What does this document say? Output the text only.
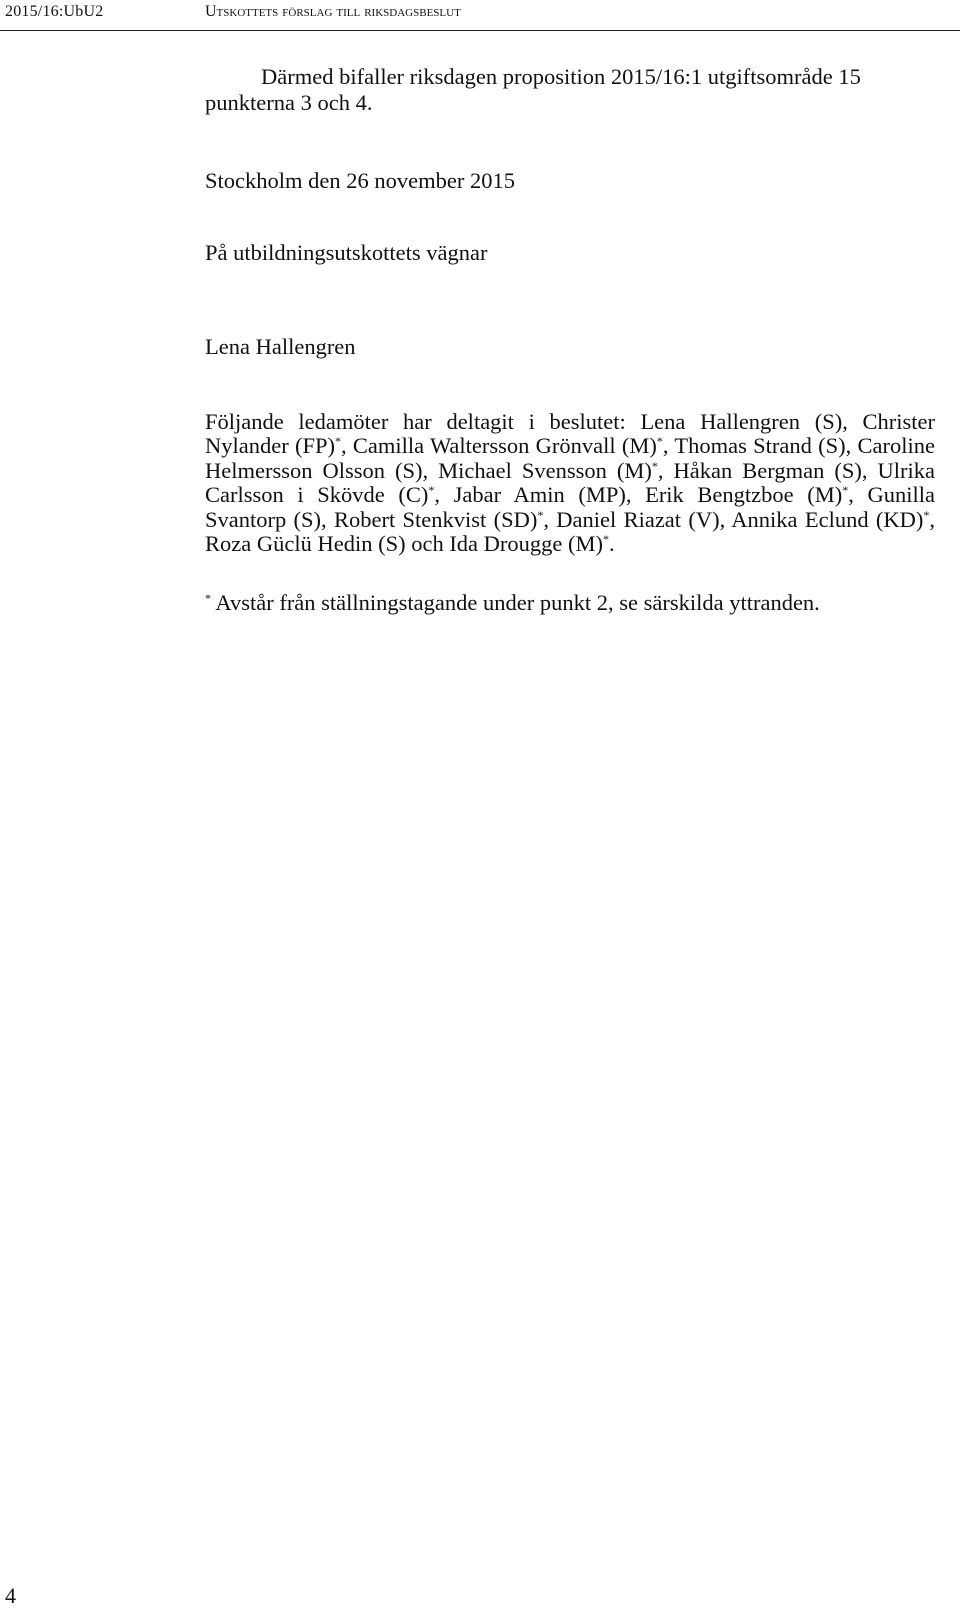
2015/16:UbU2	Utskottets förslag till riksdagsbeslut
Därmed bifaller riksdagen proposition 2015/16:1 utgiftsområde 15 punkterna 3 och 4.
Stockholm den 26 november 2015
På utbildningsutskottets vägnar
Lena Hallengren
Följande ledamöter har deltagit i beslutet: Lena Hallengren (S), Christer Nylander (FP)*, Camilla Waltersson Grönvall (M)*, Thomas Strand (S), Caroline Helmersson Olsson (S), Michael Svensson (M)*, Håkan Bergman (S), Ulrika Carlsson i Skövde (C)*, Jabar Amin (MP), Erik Bengtzboe (M)*, Gunilla Svantorp (S), Robert Stenkvist (SD)*, Daniel Riazat (V), Annika Eclund (KD)*, Roza Güclü Hedin (S) och Ida Drougge (M)*.
* Avstår från ställningstagande under punkt 2, se särskilda yttranden.
4
